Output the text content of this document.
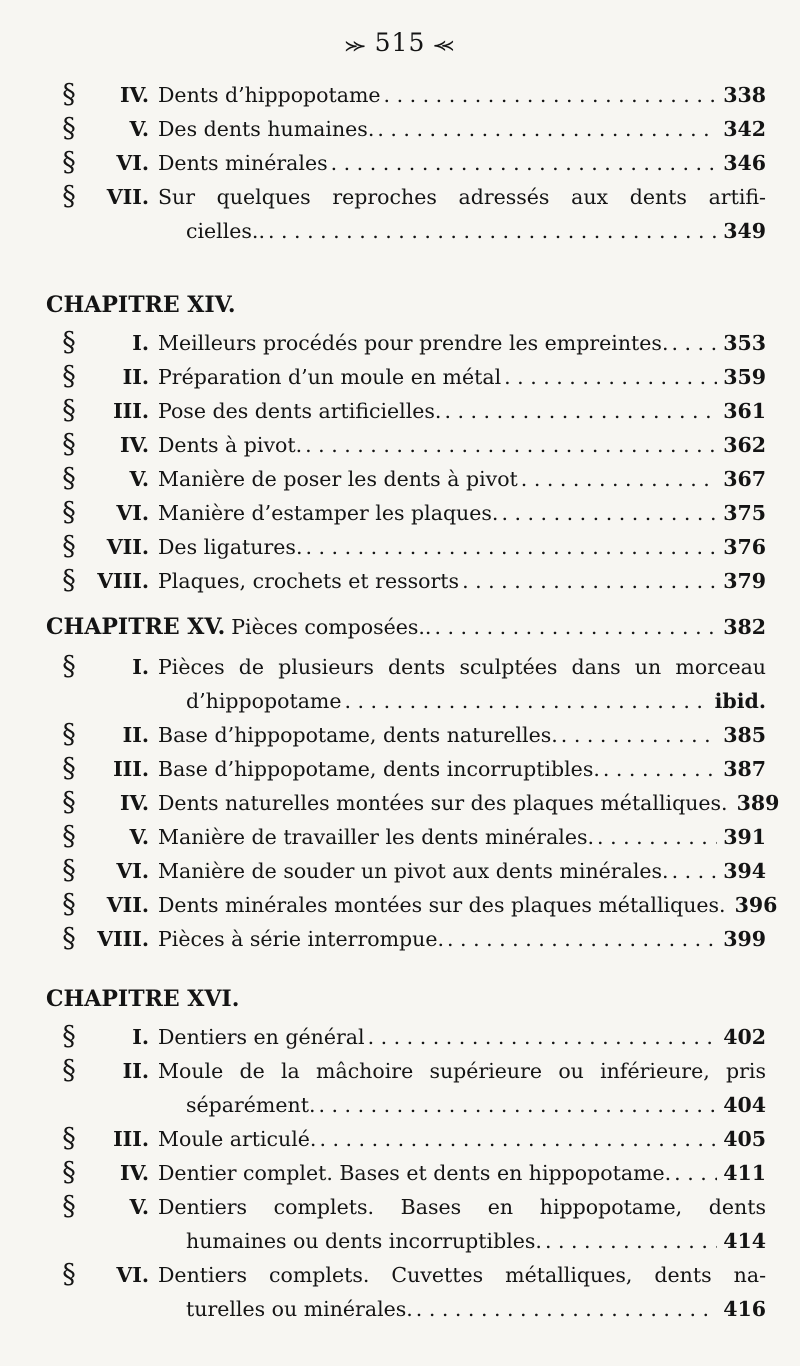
⪼ 515 ⪻
§	IV. Dents d’hippopotame . . .	338
§	V. Des dents humaines. . . .	342
§	VI. Dents minérales . . .	346
§	VII. Sur quelques reproches adressés aux dents artifi-
cielles.. . . .	349
CHAPITRE XIV.
§	I. Meilleurs procédés pour prendre les empreintes. . . .	353
§	II. Préparation d’un moule en métal . . .	359
§	III. Pose des dents artificielles. . . .	361
§	IV. Dents à pivot. . . .	362
§	V. Manière de poser les dents à pivot . . .	367
§	VI. Manière d’estamper les plaques. . . .	375
§	VII. Des ligatures. . . .	376
§	VIII. Plaques, crochets et ressorts . . .	379
CHAPITRE XV. Pièces composées.. . . .	382
§	I. Pièces de plusieurs dents sculptées dans un morceau
d’hippopotame . . .	ibid.
§	II. Base d’hippopotame, dents naturelles. . . .	385
§	III. Base d’hippopotame, dents incorruptibles. . . .	387
§	IV. Dents naturelles montées sur des plaques métalliques. 389
§	V. Manière de travailler les dents minérales. . . .	391
§	VI. Manière de souder un pivot aux dents minérales. . . .	394
§	VII. Dents minérales montées sur des plaques métalliques. 396
§	VIII. Pièces à série interrompue. . . .	399
CHAPITRE XVI.
§	I. Dentiers en général . . .	402
§	II. Moule de la mâchoire supérieure ou inférieure, pris
séparément. . . .	404
§	III. Moule articulé. . . .	405
§	IV. Dentier complet. Bases et dents en hippopotame. . . .	411
§	V. Dentiers complets. Bases en hippopotame, dents
humaines ou dents incorruptibles. . . .	414
§	VI. Dentiers complets. Cuvettes métalliques, dents na-
turelles ou minérales. . . .	416
